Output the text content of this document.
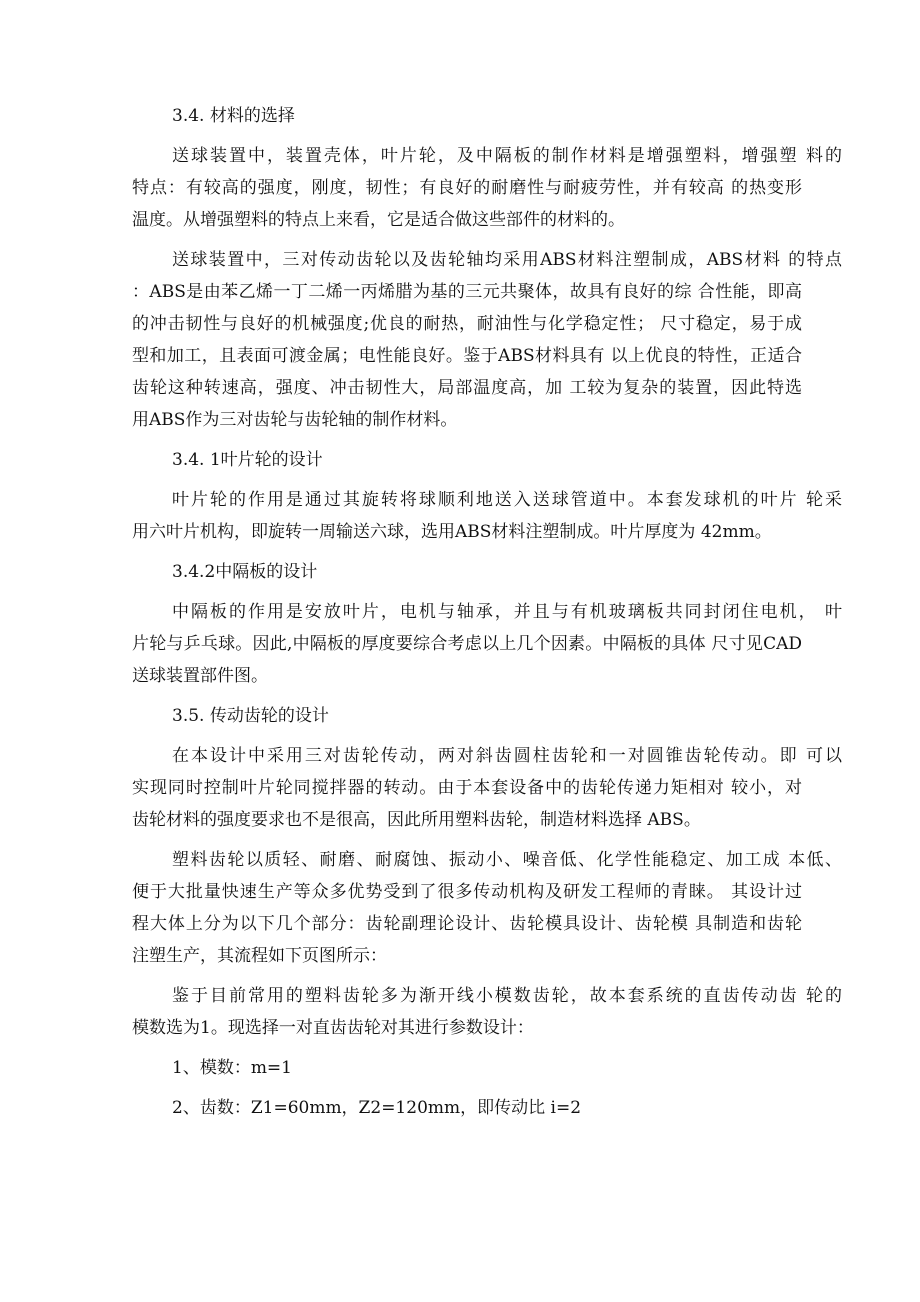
3.4. 材料的选择

送球装置中，装置壳体，叶片轮，及中隔板的制作材料是增强塑料，增强塑 料的

特点：有较高的强度，刚度，韧性；有良好的耐磨性与耐疲劳性，并有较高 的热变形

温度。从增强塑料的特点上来看，它是适合做这些部件的材料的。

送球装置中，三对传动齿轮以及齿轮轴均采用ABS材料注塑制成，ABS材料 的特点

：ABS是由苯乙烯一丁二烯一丙烯腊为基的三元共聚体，故具有良好的综 合性能，即高

的冲击韧性与良好的机械强度;优良的耐热，耐油性与化学稳定性； 尺寸稳定，易于成

型和加工，且表面可渡金属；电性能良好。鉴于ABS材料具有 以上优良的特性，正适合

齿轮这种转速高，强度、冲击韧性大，局部温度高，加 工较为复杂的装置，因此特选

用ABS作为三对齿轮与齿轮轴的制作材料。

3.4. 1叶片轮的设计

叶片轮的作用是通过其旋转将球顺利地送入送球管道中。本套发球机的叶片 轮采

用六叶片机构，即旋转一周输送六球，选用ABS材料注塑制成。叶片厚度为 42mm。

3.4.2中隔板的设计

中隔板的作用是安放叶片，电机与轴承，并且与有机玻璃板共同封闭住电机， 叶

片轮与乒乓球。因此,中隔板的厚度要综合考虑以上几个因素。中隔板的具体 尺寸见CAD

送球装置部件图。

3.5. 传动齿轮的设计

在本设计中采用三对齿轮传动，两对斜齿圆柱齿轮和一对圆锥齿轮传动。即 可以

实现同时控制叶片轮同搅拌器的转动。由于本套设备中的齿轮传递力矩相对 较小，对

齿轮材料的强度要求也不是很高，因此所用塑料齿轮，制造材料选择 ABS。

塑料齿轮以质轻、耐磨、耐腐蚀、振动小、噪音低、化学性能稳定、加工成 本低、

便于大批量快速生产等众多优势受到了很多传动机构及研发工程师的青睐。 其设计过

程大体上分为以下几个部分：齿轮副理论设计、齿轮模具设计、齿轮模 具制造和齿轮

注塑生产，其流程如下页图所示：

鉴于目前常用的塑料齿轮多为渐开线小模数齿轮，故本套系统的直齿传动齿 轮的

模数选为1。现选择一对直齿齿轮对其进行参数设计：

1、模数：m=1

2、齿数：Z1=60mm，Z2=120mm，即传动比 i=2
